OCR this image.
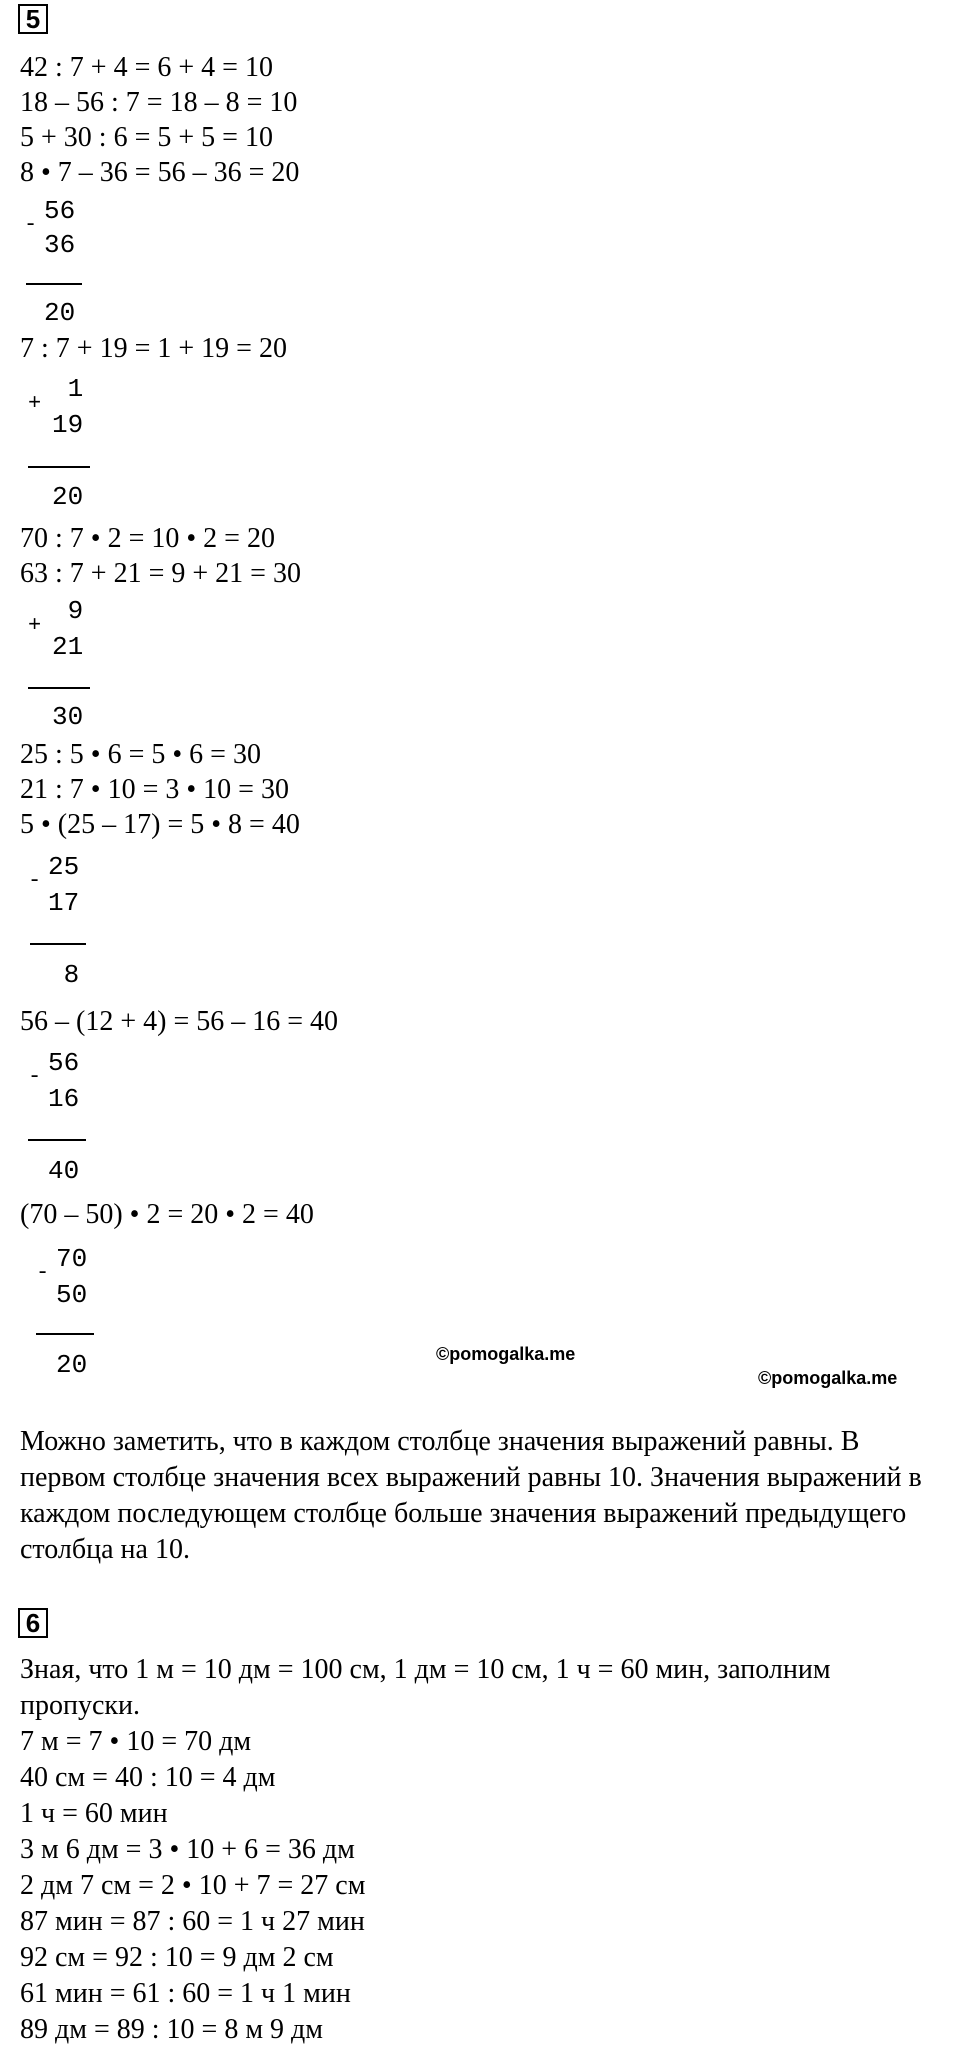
5
42 : 7 + 4 = 6 + 4 = 10
18 – 56 : 7 = 18 – 8 = 10
5 + 30 : 6 = 5 + 5 = 10
8 • 7 – 36 = 56 – 36 = 20
- 56
36
20
7 : 7 + 19 = 1 + 19 = 20
+ 1
19
20
70 : 7 • 2 = 10 • 2 = 20
63 : 7 + 21 = 9 + 21 = 30
+ 9
21
30
25 : 5 • 6 = 5 • 6 = 30
21 : 7 • 10 = 3 • 10 = 30
5 • (25 – 17) = 5 • 8 = 40
- 25
17
8
56 – (12 + 4) = 56 – 16 = 40
- 56
16
40
(70 – 50) • 2 = 20 • 2 = 40
- 70
50
20	©pomogalka.me
©pomogalka.me
Можно заметить, что в каждом столбце значения выражений равны. В первом столбце значения всех выражений равны 10. Значения выражений в каждом последующем столбце больше значения выражений предыдущего столбца на 10.
6
Зная, что 1 м = 10 дм = 100 см, 1 дм = 10 см, 1 ч = 60 мин, заполним пропуски.
7 м = 7 • 10 = 70 дм
40 см = 40 : 10 = 4 дм
1 ч = 60 мин
3 м 6 дм = 3 • 10 + 6 = 36 дм
2 дм 7 см = 2 • 10 + 7 = 27 см
87 мин = 87 : 60 = 1 ч 27 мин
92 см = 92 : 10 = 9 дм 2 см
61 мин = 61 : 60 = 1 ч 1 мин
89 дм = 89 : 10 = 8 м 9 дм
